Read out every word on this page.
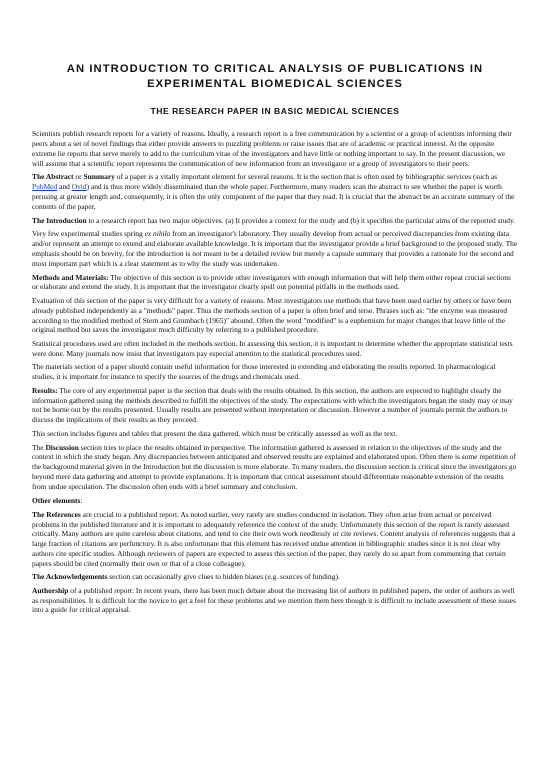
AN INTRODUCTION TO CRITICAL ANALYSIS OF PUBLICATIONS IN
EXPERIMENTAL BIOMEDICAL SCIENCES
THE RESEARCH PAPER IN BASIC MEDICAL SCIENCES

Scientists publish research reports for a variety of reasons. Ideally, a research report is a free communication by a scientist or a group of scientists informing their peers about a set of novel findings that either provide answers to puzzling problems or raise issues that are of academic or practical interest. At the opposite extreme lie reports that serve merely to add to the curriculum vitae of the investigators and have little or nothing important to say. In the present discussion, we will assume that a scientific report represents the communication of new information from an investigator or a group of investigators to their peers.

The Abstract or Summary of a paper is a vitally important element for several reasons. It is the section that is often used by bibliographic services (such as PubMed and Ovid) and is thus more widely disseminated than the whole paper. Furthermore, many readers scan the abstract to see whether the paper is worth perusing at greater length and, consequently, it is often the only component of the paper that they read. It is crucial that the abstract be an accurate summary of the contents of the paper.

The Introduction to a research report has two major objectives. (a) It provides a context for the study and (b) it specifies the particular aims of the reported study.

Very few experimental studies spring ex nihilo from an investigator's laboratory. They usually develop from actual or perceived discrepancies from existing data and/or represent an attempt to extend and elaborate available knowledge. It is important that the investigator provide a brief background to the proposed study. The emphasis should be on brevity, for the introduction is not meant to be a detailed review but merely a capsule summary that provides a rationale for the second and most important part which is a clear statement as to why the study was undertaken.

Methods and Materials: The objective of this section is to provide other investigators with enough information that will help them either repeat crucial sections or elaborate and extend the study. It is important that the investigator clearly spell out potential pitfalls in the methods used.

Evaluation of this section of the paper is very difficult for a variety of reasons. Most investigators use methods that have been used earlier by others or have been already published independently as a "methods" paper. Thus the methods section of a paper is often brief and terse. Phrases such as: "the enzyme was measured according to the modified method of Stern and Grumbach (1965)" abound. Often the word "modified" is a euphemism for major changes that leave little of the original method but saves the investigator much difficulty by referring to a published procedure.

Statistical procedures used are often included in the methods section. In assessing this section, it is important to determine whether the appropriate statistical tests were done. Many journals now insist that investigators pay especial attention to the statistical procedures used.

The materials section of a paper should contain useful information for those interested in extending and elaborating the results reported. In pharmacological studies, it is important for instance to specify the sources of the drugs and chemicals used.

Results: The core of any experimental paper is the section that deals with the results obtained. In this section, the authors are expected to highlight clearly the information gathered using the methods described to fulfill the objectives of the study. The expectations with which the investigators began the study may or may not be borne out by the results presented. Usually results are presented without interpretation or discussion. However a number of journals permit the authors to discuss the implications of their results as they proceed.

This section includes figures and tables that present the data gathered, which must be critically assessed as well as the text.

The Discussion section tries to place the results obtained in perspective. The information gathered is assessed in relation to the objectives of the study and the context in which the study began. Any discrepancies between anticipated and observed results are explained and elaborated upon. Often there is some repetition of the background material given in the Introduction but the discussion is more elaborate. To many readers, the discussion section is critical since the investigators go beyond mere data gathering and attempt to provide explanations. It is important that critical assessment should differentiate reasonable extension of the results from undue speculation. The discussion often ends with a brief summary and conclusion.

Other elements:

The References are crucial to a published report. As noted earlier, very rarely are studies conducted in isolation. They often arise from actual or perceived problems in the published literature and it is important to adequately reference the context of the study. Unfortunately this section of the report is rarely assessed critically. Many authors are quite careless about citations, and tend to cite their own work needlessly or cite reviews. Content analysis of references suggests that a large fraction of citations are perfunctory. It is also unfortunate that this element has received undue attention in bibliographic studies since it is not clear why authors cite specific studies. Although reviewers of papers are expected to assess this section of the paper, they rarely do so apart from commenting that certain papers should be cited (normally their own or that of a close colleague).

The Acknowledgements section can occasionally give clues to hidden biases (e.g. sources of funding).

Authorship of a published report: In recent years, there has been much debate about the increasing list of authors in published papers, the order of authors as well as responsibilities. It is difficult for the novice to get a feel for these problems and we mention them here though it is difficult to include assessment of these issues into a guide for critical appraisal.
